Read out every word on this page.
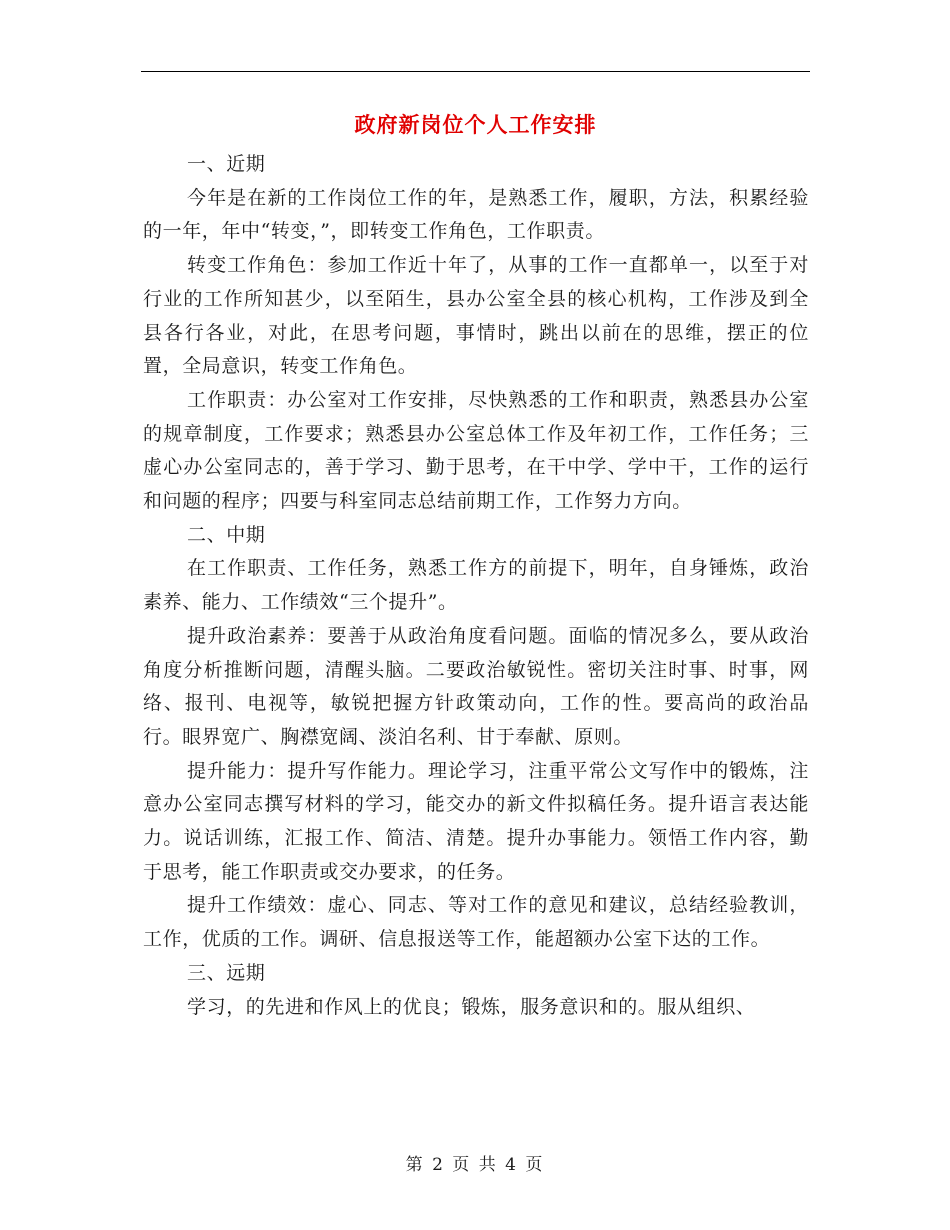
政府新岗位个人工作安排

一、近期

今年是在新的工作岗位工作的年，是熟悉工作，履职，方法，积累经验的一年，年中“转变，”，即转变工作角色，工作职责。

转变工作角色：参加工作近十年了，从事的工作一直都单一，以至于对行业的工作所知甚少，以至陌生，县办公室全县的核心机构，工作涉及到全县各行各业，对此，在思考问题，事情时，跳出以前在的思维，摆正的位置，全局意识，转变工作角色。

工作职责：办公室对工作安排，尽快熟悉的工作和职责，熟悉县办公室的规章制度，工作要求；熟悉县办公室总体工作及年初工作，工作任务；三虚心办公室同志的，善于学习、勤于思考，在干中学、学中干，工作的运行和问题的程序；四要与科室同志总结前期工作，工作努力方向。

二、中期

在工作职责、工作任务，熟悉工作方的前提下，明年，自身锤炼，政治素养、能力、工作绩效“三个提升”。

提升政治素养：要善于从政治角度看问题。面临的情况多么，要从政治角度分析推断问题，清醒头脑。二要政治敏锐性。密切关注时事、时事，网络、报刊、电视等，敏锐把握方针政策动向，工作的性。要高尚的政治品行。眼界宽广、胸襟宽阔、淡泊名利、甘于奉献、原则。

提升能力：提升写作能力。理论学习，注重平常公文写作中的锻炼，注意办公室同志撰写材料的学习，能交办的新文件拟稿任务。提升语言表达能力。说话训练，汇报工作、简洁、清楚。提升办事能力。领悟工作内容，勤于思考，能工作职责或交办要求，的任务。

提升工作绩效：虚心、同志、等对工作的意见和建议，总结经验教训，工作，优质的工作。调研、信息报送等工作，能超额办公室下达的工作。

三、远期

学习，的先进和作风上的优良；锻炼，服务意识和的。服从组织、

第 2 页 共 4 页
